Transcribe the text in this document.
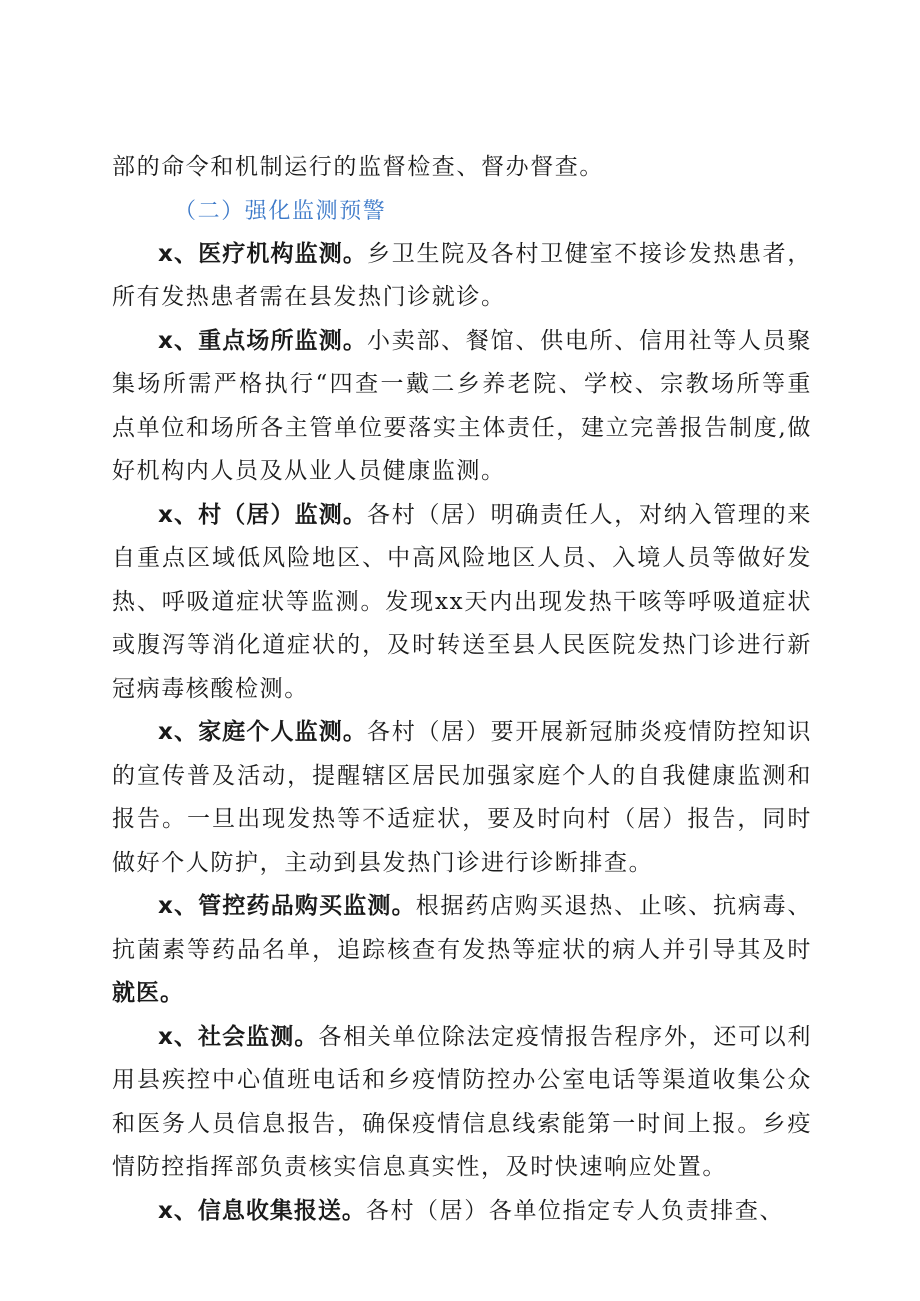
部的命令和机制运行的监督检查、督办督查。

（二）强化监测预警

x、医疗机构监测。乡卫生院及各村卫健室不接诊发热患者，所有发热患者需在县发热门诊就诊。

x、重点场所监测。小卖部、餐馆、供电所、信用社等人员聚集场所需严格执行“四查一戴二乡养老院、学校、宗教场所等重点单位和场所各主管单位要落实主体责任，建立完善报告制度,做好机构内人员及从业人员健康监测。

x、村（居）监测。各村（居）明确责任人，对纳入管理的来自重点区域低风险地区、中高风险地区人员、入境人员等做好发热、呼吸道症状等监测。发现xx天内出现发热干咳等呼吸道症状或腹泻等消化道症状的，及时转送至县人民医院发热门诊进行新冠病毒核酸检测。

x、家庭个人监测。各村（居）要开展新冠肺炎疫情防控知识的宣传普及活动，提醒辖区居民加强家庭个人的自我健康监测和报告。一旦出现发热等不适症状，要及时向村（居）报告，同时做好个人防护，主动到县发热门诊进行诊断排查。

x、管控药品购买监测。根据药店购买退热、止咳、抗病毒、抗菌素等药品名单，追踪核查有发热等症状的病人并引导其及时就医。

x、社会监测。各相关单位除法定疫情报告程序外，还可以利用县疾控中心值班电话和乡疫情防控办公室电话等渠道收集公众和医务人员信息报告，确保疫情信息线索能第一时间上报。乡疫情防控指挥部负责核实信息真实性，及时快速响应处置。

x、信息收集报送。各村（居）各单位指定专人负责排查、
